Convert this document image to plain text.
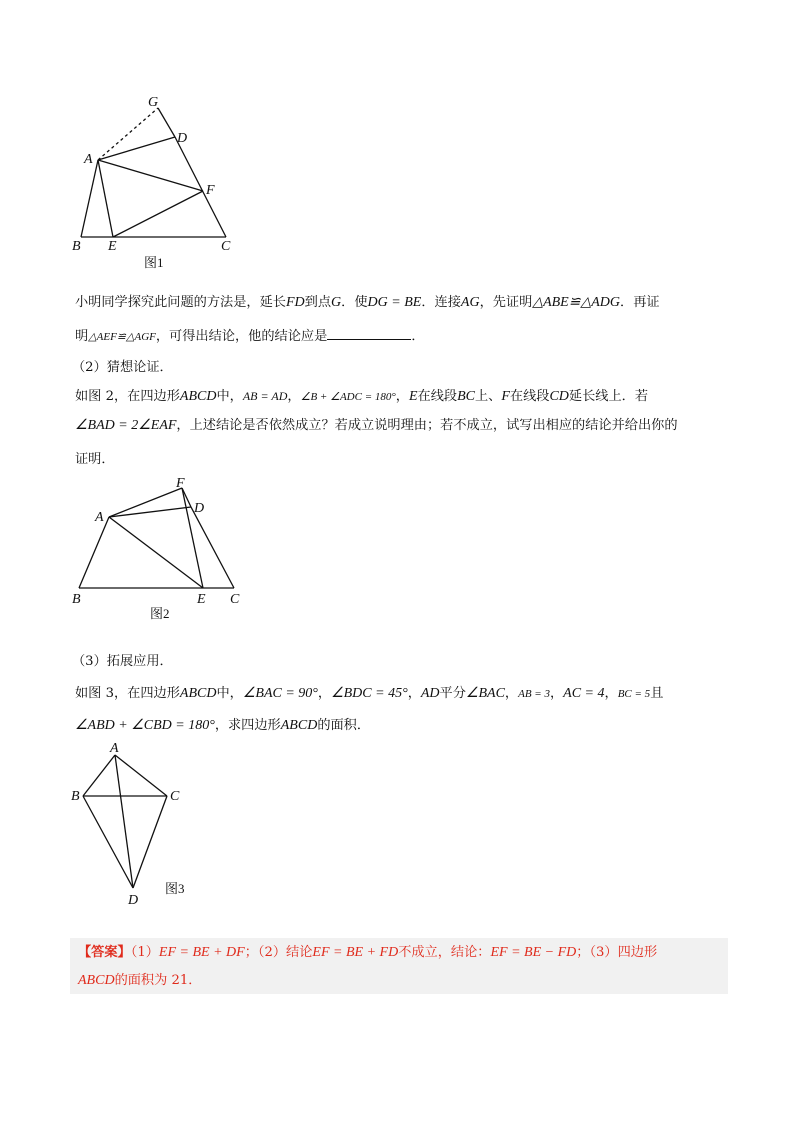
G
D
A
F
B E	C
图1
小明同学探究此问题的方法是，延长FD到点G．使DG = BE．连接AG，先证明△ABE≌△ADG．再证
明△AEF≌△AGF，可得出结论，他的结论应是	．
（2）猜想论证．
如图 2，在四边形ABCD中，AB = AD，∠B + ∠ADC = 180°，E在线段BC上、F在线段CD延长线上．若
∠BAD = 2∠EAF，上述结论是否依然成立？若成立说明理由；若不成立，试写出相应的结论并给出你的
证明．
F
A
D
B	E C
图2
（3）拓展应用．
如图 3，在四边形ABCD中，∠BAC = 90°，∠BDC = 45°，AD平分∠BAC，AB = 3，AC = 4，BC = 5且
∠ABD + ∠CBD = 180°，求四边形ABCD的面积．
A
B	C
D
图3
【答案】（1）EF = BE + DF；（2）结论EF = BE + FD不成立，结论：EF = BE − FD；（3）四边形
ABCD的面积为 21．
